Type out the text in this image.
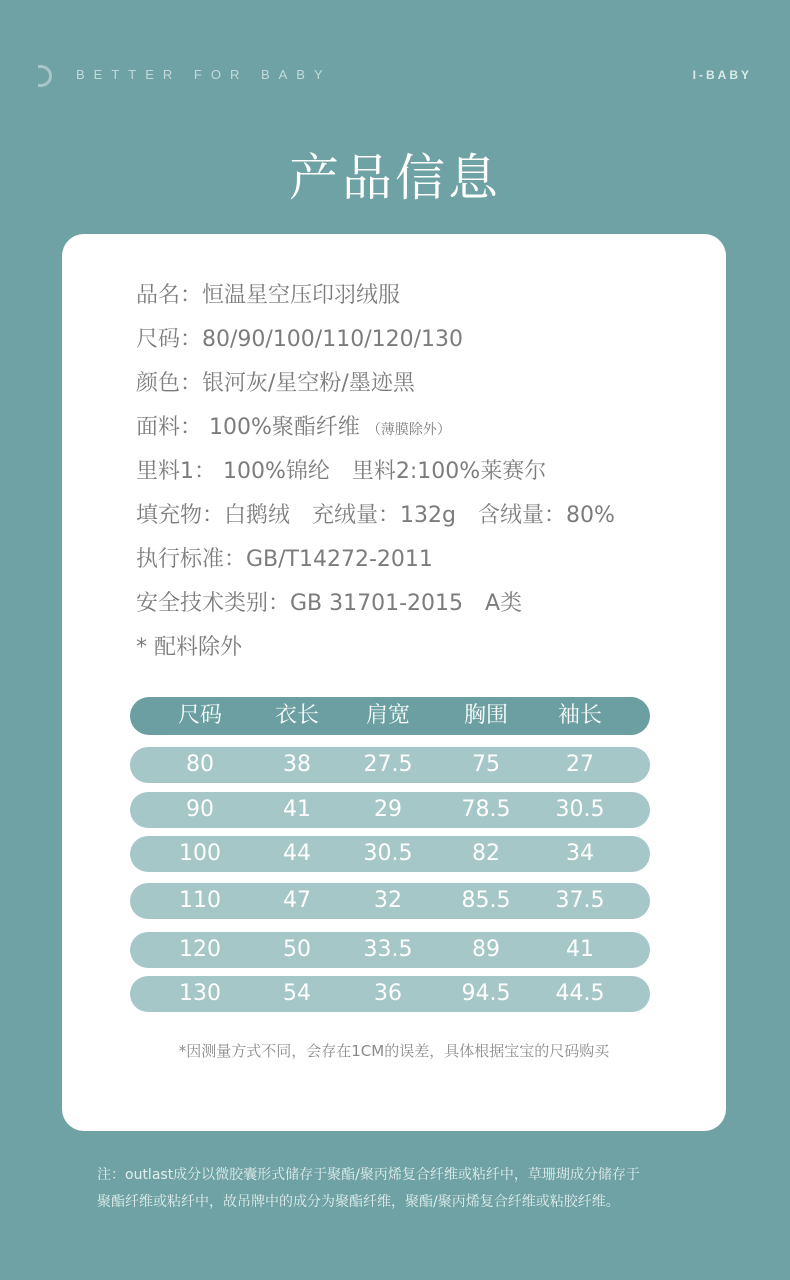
BETTER FOR BABY	I-BABY
产品信息
品名：恒温星空压印羽绒服
尺码：80/90/100/110/120/130
颜色：银河灰/星空粉/墨迹黑
面料： 100%聚酯纤维 （薄膜除外）
里料1： 100%锦纶 里料2:100%莱赛尔
填充物：白鹅绒 充绒量：132g 含绒量：80%
执行标准：GB/T14272-2011
安全技术类别：GB 31701-2015 A类
* 配料除外
尺码	衣长	肩宽	胸围	袖长
80	38	27.5	75	27
90	41	29	78.5	30.5
100	44	30.5	82	34
110	47	32	85.5	37.5
120	50	33.5	89	41
130	54	36	94.5	44.5
*因测量方式不同，会存在1CM的误差，具体根据宝宝的尺码购买
注：outlast成分以微胶囊形式储存于聚酯/聚丙烯复合纤维或粘纤中，草珊瑚成分储存于
聚酯纤维或粘纤中，故吊牌中的成分为聚酯纤维，聚酯/聚丙烯复合纤维或粘胶纤维。
